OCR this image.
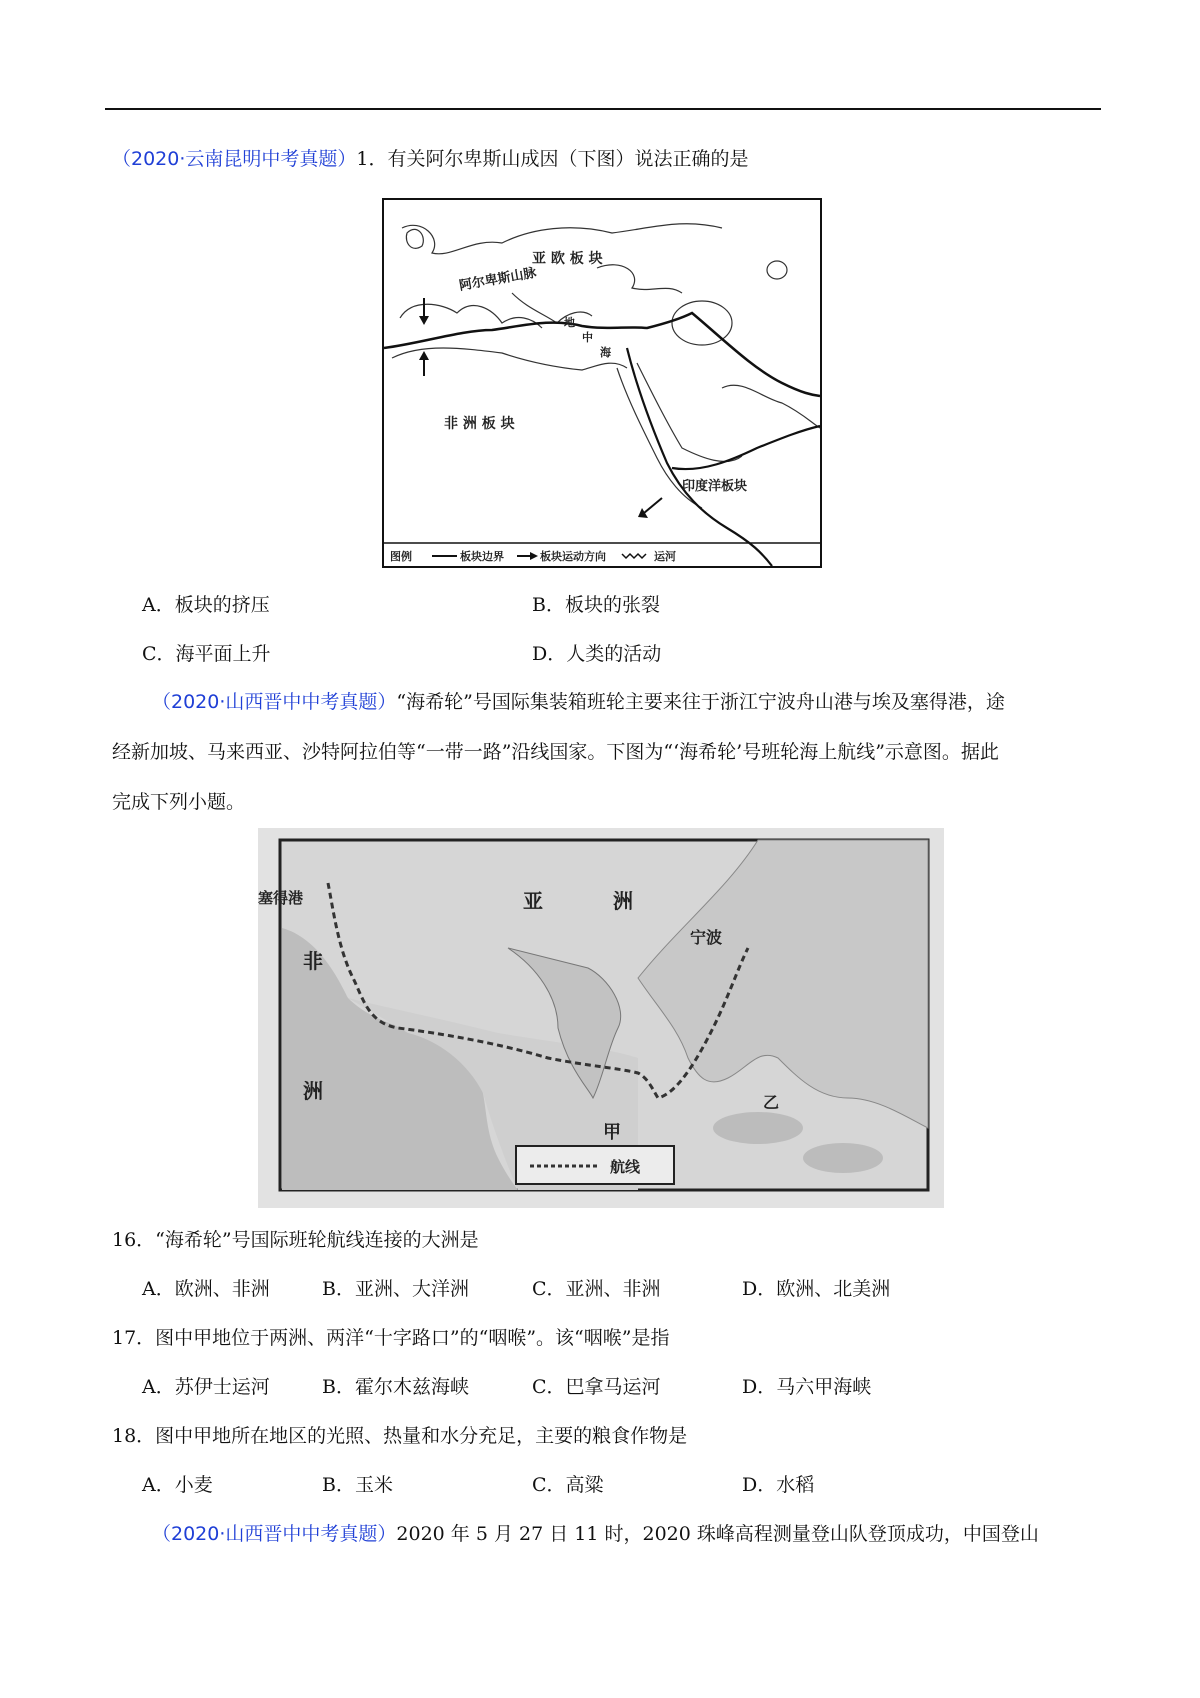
（2020·云南昆明中考真题）1．有关阿尔卑斯山成因（下图）说法正确的是
亚 欧 板 块
阿尔卑斯山脉
地
中
海
非 洲 板 块
印度洋板块
图例	板块边界	板块运动方向	运河
A．板块的挤压	B．板块的张裂
C．海平面上升	D．人类的活动
（2020·山西晋中中考真题）“海希轮”号国际集装箱班轮主要来往于浙江宁波舟山港与埃及塞得港，途
经新加坡、马来西亚、沙特阿拉伯等“一带一路”沿线国家。下图为“‘海希轮’号班轮海上航线”示意图。据此
完成下列小题。
塞得港	亚	洲
宁波
非
洲
甲
乙
航线
16．“海希轮”号国际班轮航线连接的大洲是
A．欧洲、非洲	B．亚洲、大洋洲	C．亚洲、非洲	D．欧洲、北美洲
17．图中甲地位于两洲、两洋“十字路口”的“咽喉”。该“咽喉”是指
A．苏伊士运河	B．霍尔木兹海峡	C．巴拿马运河	D．马六甲海峡
18．图中甲地所在地区的光照、热量和水分充足，主要的粮食作物是
A．小麦	B．玉米	C．高粱	D．水稻
（2020·山西晋中中考真题）2020 年 5 月 27 日 11 时，2020 珠峰高程测量登山队登顶成功，中国登山
